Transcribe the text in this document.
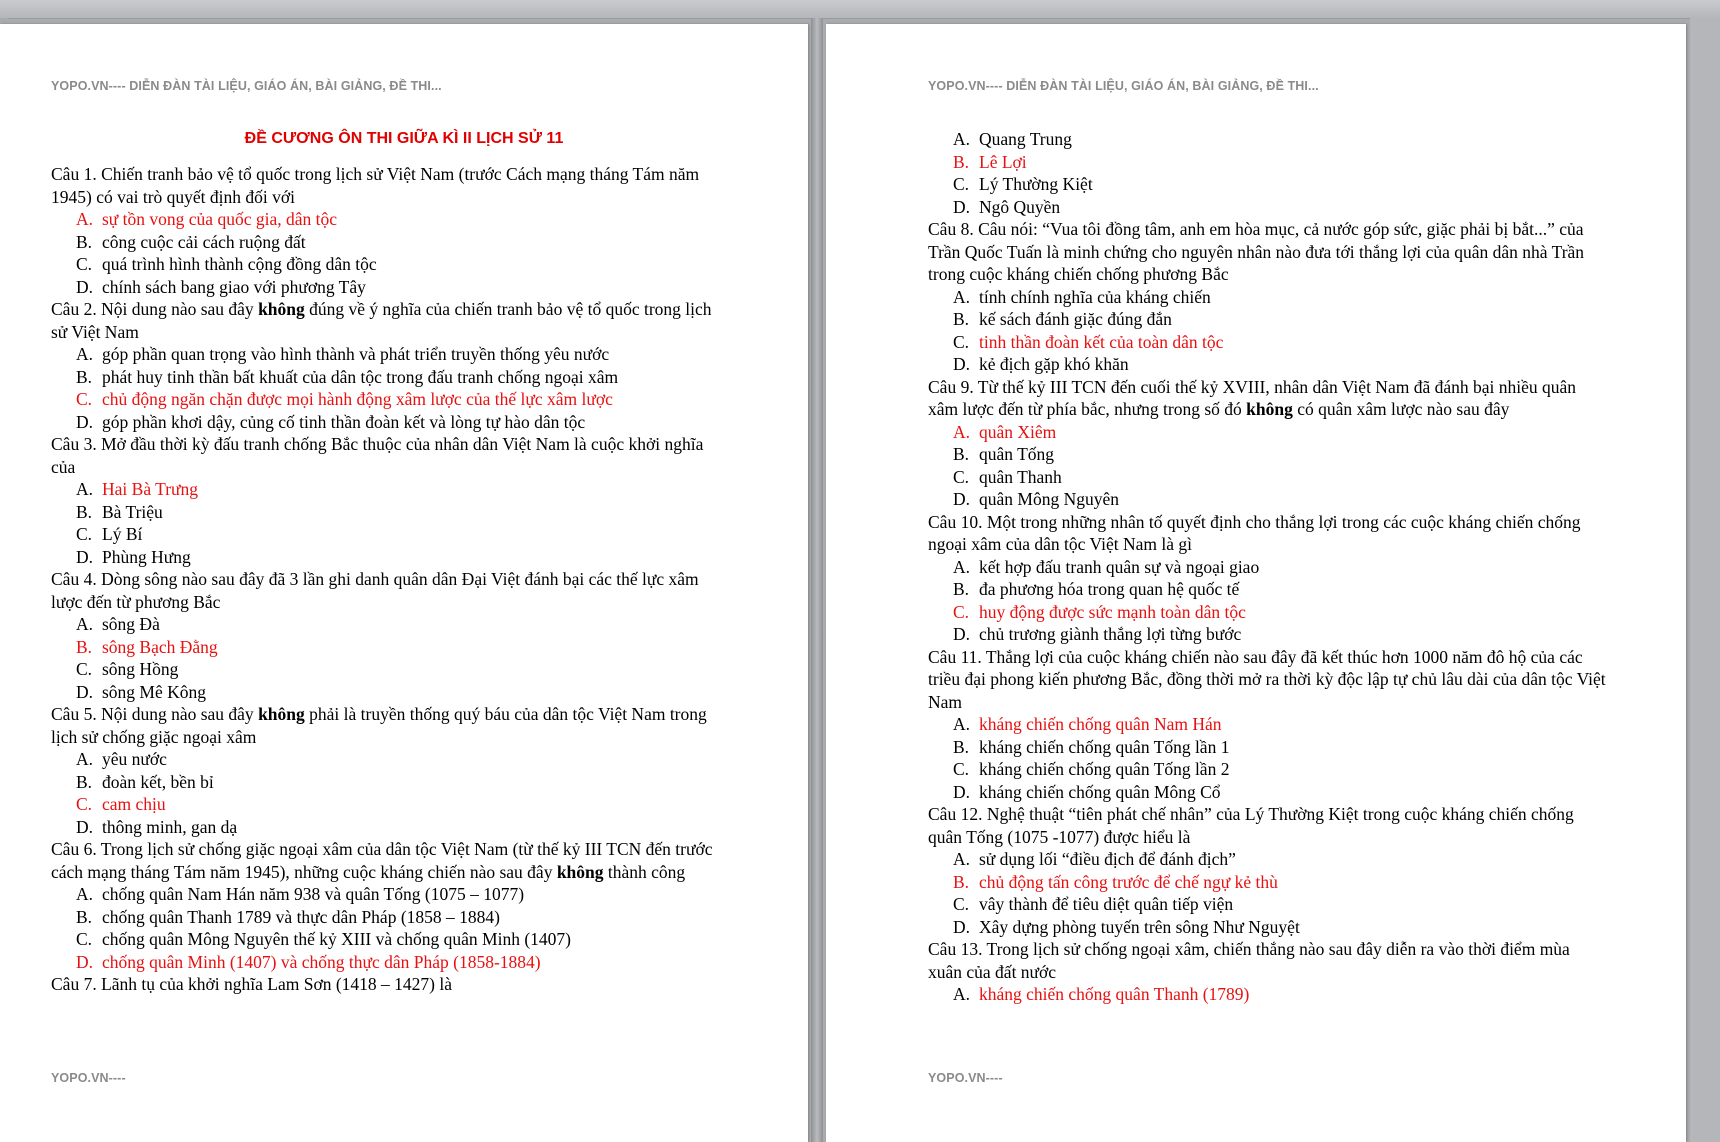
YOPO.VN---- DIỄN ĐÀN TÀI LIỆU, GIÁO ÁN, BÀI GIẢNG, ĐỀ THI...
ĐỀ CƯƠNG ÔN THI GIỮA KÌ II LỊCH SỬ 11

Câu 1. Chiến tranh bảo vệ tổ quốc trong lịch sử Việt Nam (trước Cách mạng tháng Tám năm 1945) có vai trò quyết định đối với

A. sự tồn vong của quốc gia, dân tộc

B. công cuộc cải cách ruộng đất

C. quá trình hình thành cộng đồng dân tộc

D. chính sách bang giao với phương Tây

Câu 2. Nội dung nào sau đây không đúng về ý nghĩa của chiến tranh bảo vệ tổ quốc trong lịch sử Việt Nam

A. góp phần quan trọng vào hình thành và phát triển truyền thống yêu nước

B. phát huy tinh thần bất khuất của dân tộc trong đấu tranh chống ngoại xâm

C. chủ động ngăn chặn được mọi hành động xâm lược của thế lực xâm lược

D. góp phần khơi dậy, củng cố tinh thần đoàn kết và lòng tự hào dân tộc

Câu 3. Mở đầu thời kỳ đấu tranh chống Bắc thuộc của nhân dân Việt Nam là cuộc khởi nghĩa của

A. Hai Bà Trưng

B. Bà Triệu

C. Lý Bí

D. Phùng Hưng

Câu 4. Dòng sông nào sau đây đã 3 lần ghi danh quân dân Đại Việt đánh bại các thế lực xâm lược đến từ phương Bắc

A. sông Đà

B. sông Bạch Đằng

C. sông Hồng

D. sông Mê Kông

Câu 5. Nội dung nào sau đây không phải là truyền thống quý báu của dân tộc Việt Nam trong lịch sử chống giặc ngoại xâm

A. yêu nước

B. đoàn kết, bền bỉ

C. cam chịu

D. thông minh, gan dạ

Câu 6. Trong lịch sử chống giặc ngoại xâm của dân tộc Việt Nam (từ thế kỷ III TCN đến trước cách mạng tháng Tám năm 1945), những cuộc kháng chiến nào sau đây không thành công

A. chống quân Nam Hán năm 938 và quân Tống (1075 – 1077)

B. chống quân Thanh 1789 và thực dân Pháp (1858 – 1884)

C. chống quân Mông Nguyên thế kỷ XIII và chống quân Minh (1407)

D. chống quân Minh (1407) và chống thực dân Pháp (1858-1884)

Câu 7. Lãnh tụ của khởi nghĩa Lam Sơn (1418 – 1427) là

YOPO.VN----
YOPO.VN---- DIỄN ĐÀN TÀI LIỆU, GIÁO ÁN, BÀI GIẢNG, ĐỀ THI...

A. Quang Trung

B. Lê Lợi

C. Lý Thường Kiệt

D. Ngô Quyền

Câu 8. Câu nói: “Vua tôi đồng tâm, anh em hòa mục, cả nước góp sức, giặc phải bị bắt...” của Trần Quốc Tuấn là minh chứng cho nguyên nhân nào đưa tới thắng lợi của quân dân nhà Trần trong cuộc kháng chiến chống phương Bắc

A. tính chính nghĩa của kháng chiến

B. kế sách đánh giặc đúng đắn

C. tinh thần đoàn kết của toàn dân tộc

D. kẻ địch gặp khó khăn

Câu 9. Từ thế kỷ III TCN đến cuối thế kỷ XVIII, nhân dân Việt Nam đã đánh bại nhiều quân xâm lược đến từ phía bắc, nhưng trong số đó không có quân xâm lược nào sau đây

A. quân Xiêm

B. quân Tống

C. quân Thanh

D. quân Mông Nguyên

Câu 10. Một trong những nhân tố quyết định cho thắng lợi trong các cuộc kháng chiến chống ngoại xâm của dân tộc Việt Nam là gì

A. kết hợp đấu tranh quân sự và ngoại giao

B. đa phương hóa trong quan hệ quốc tế

C. huy động được sức mạnh toàn dân tộc

D. chủ trương giành thắng lợi từng bước

Câu 11. Thắng lợi của cuộc kháng chiến nào sau đây đã kết thúc hơn 1000 năm đô hộ của các triều đại phong kiến phương Bắc, đồng thời mở ra thời kỳ độc lập tự chủ lâu dài của dân tộc Việt Nam

A. kháng chiến chống quân Nam Hán

B. kháng chiến chống quân Tống lần 1

C. kháng chiến chống quân Tống lần 2

D. kháng chiến chống quân Mông Cổ

Câu 12. Nghệ thuật “tiên phát chế nhân” của Lý Thường Kiệt trong cuộc kháng chiến chống quân Tống (1075 -1077) được hiểu là

A. sử dụng lối “điều địch để đánh địch”

B. chủ động tấn công trước để chế ngự kẻ thù

C. vây thành để tiêu diệt quân tiếp viện

D. Xây dựng phòng tuyến trên sông Như Nguyệt

Câu 13. Trong lịch sử chống ngoại xâm, chiến thắng nào sau đây diễn ra vào thời điểm mùa xuân của đất nước

A. kháng chiến chống quân Thanh (1789)

YOPO.VN----
